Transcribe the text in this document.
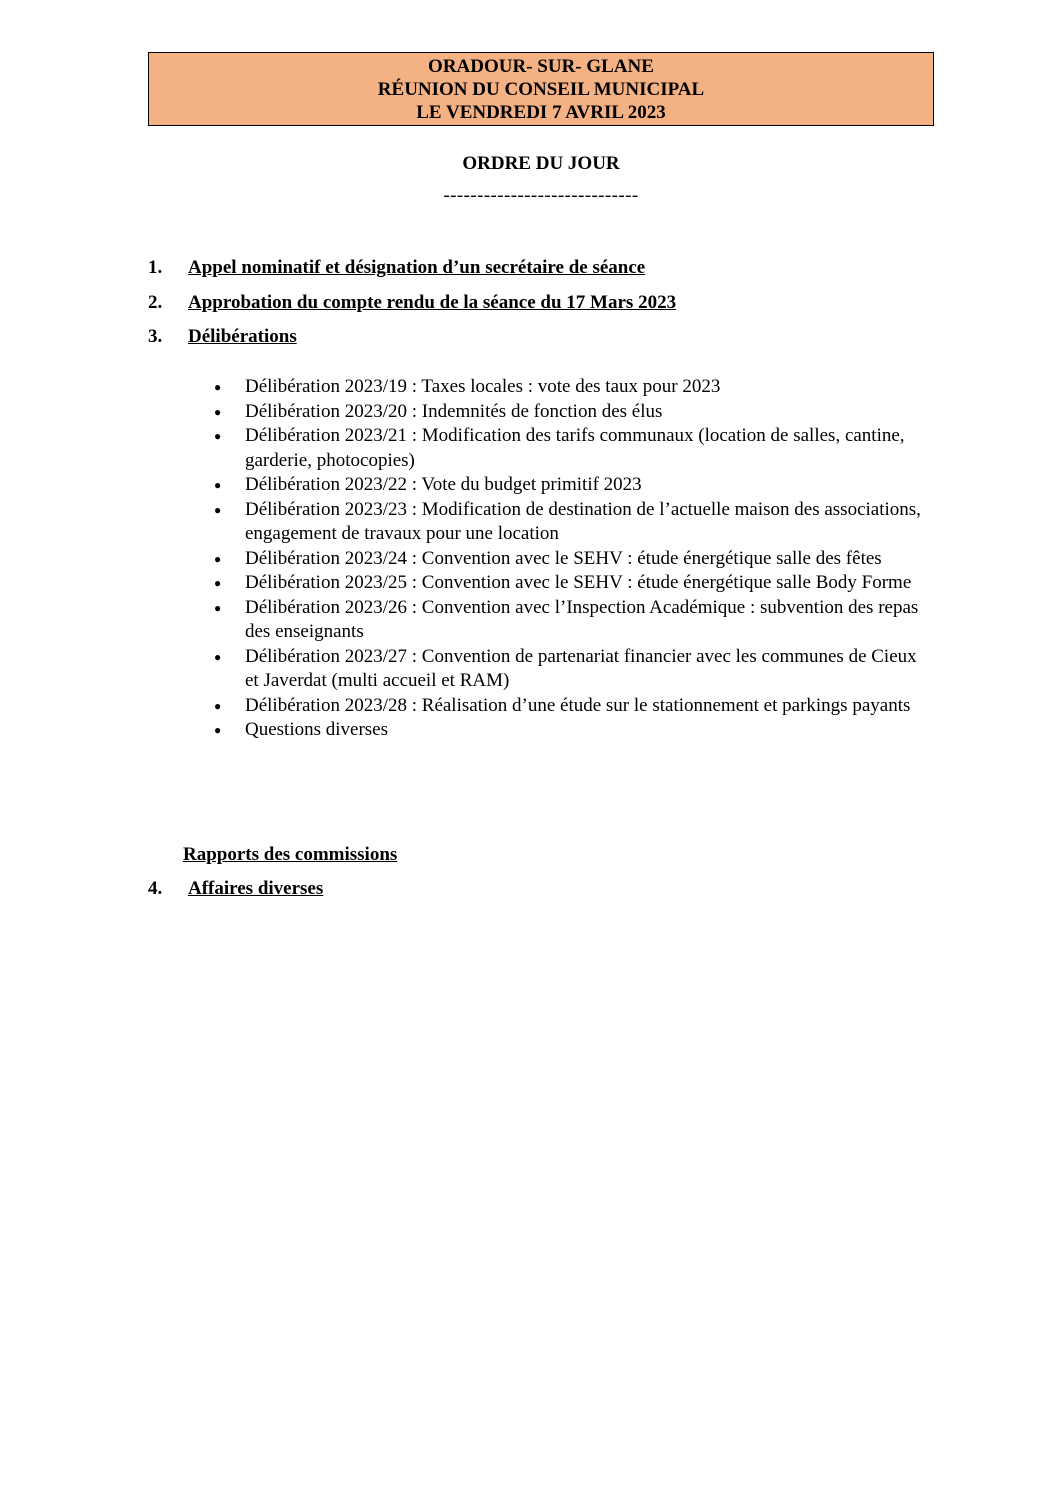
ORADOUR- SUR- GLANE
RÉUNION DU CONSEIL MUNICIPAL
LE VENDREDI 7 AVRIL 2023
ORDRE DU JOUR
-----------------------------
1. Appel nominatif et désignation d’un secrétaire de séance
2. Approbation du compte rendu de la séance du 17 Mars 2023
3. Délibérations
● Délibération 2023/19 : Taxes locales : vote des taux pour 2023
● Délibération 2023/20 : Indemnités de fonction des élus
● Délibération 2023/21 : Modification des tarifs communaux (location de salles, cantine, garderie, photocopies)
● Délibération 2023/22 : Vote du budget primitif 2023
● Délibération 2023/23 : Modification de destination de l’actuelle maison des associations, engagement de travaux pour une location
● Délibération 2023/24 : Convention avec le SEHV : étude énergétique salle des fêtes
● Délibération 2023/25 : Convention avec le SEHV : étude énergétique salle Body Forme
● Délibération 2023/26 : Convention avec l’Inspection Académique : subvention des repas des enseignants
● Délibération 2023/27 : Convention de partenariat financier avec les communes de Cieux et Javerdat (multi accueil et RAM)
● Délibération 2023/28 : Réalisation d’une étude sur le stationnement et parkings payants
● Questions diverses
Rapports des commissions
4. Affaires diverses
